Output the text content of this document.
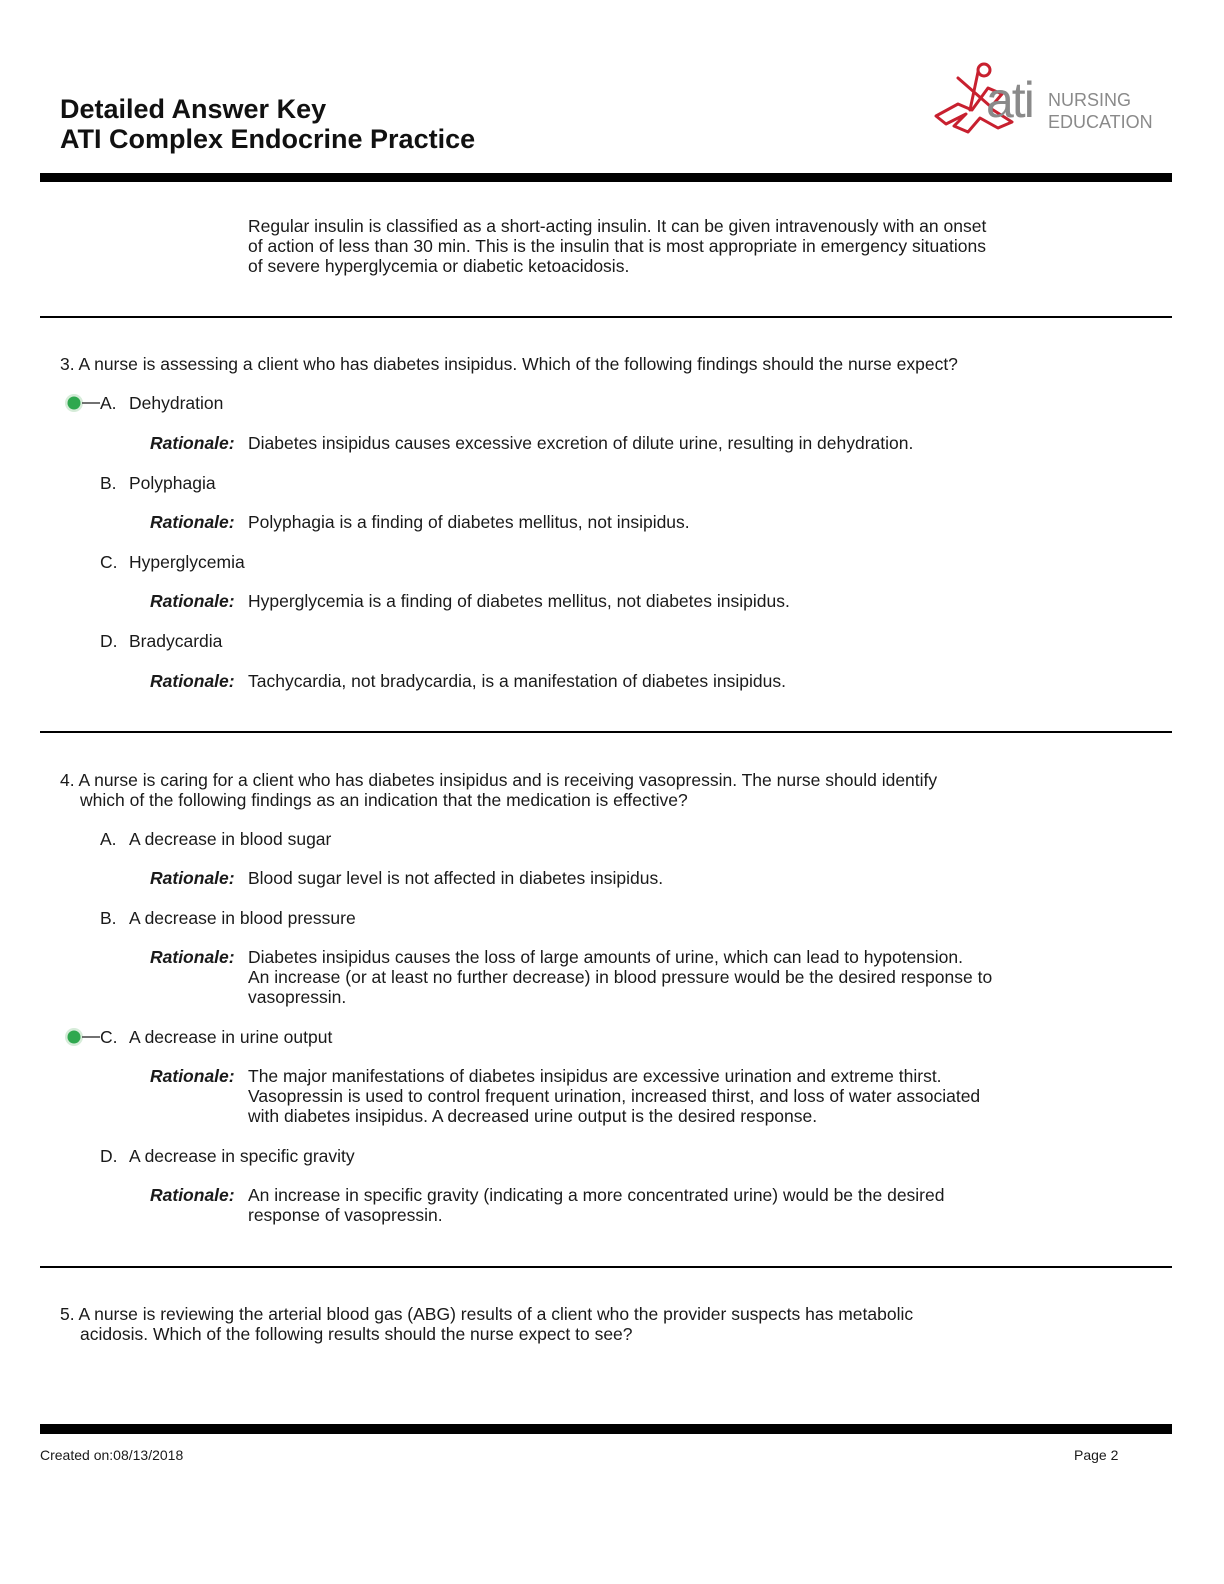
Detailed Answer Key
ATI Complex Endocrine Practice
ati NURSING
EDUCATION
Regular insulin is classified as a short-acting insulin. It can be given intravenously with an onset
of action of less than 30 min. This is the insulin that is most appropriate in emergency situations
of severe hyperglycemia or diabetic ketoacidosis.
3. A nurse is assessing a client who has diabetes insipidus. Which of the following findings should the nurse expect?
A. Dehydration
Rationale: Diabetes insipidus causes excessive excretion of dilute urine, resulting in dehydration.
B. Polyphagia
Rationale: Polyphagia is a finding of diabetes mellitus, not insipidus.
C. Hyperglycemia
Rationale: Hyperglycemia is a finding of diabetes mellitus, not diabetes insipidus.
D. Bradycardia
Rationale: Tachycardia, not bradycardia, is a manifestation of diabetes insipidus.
4. A nurse is caring for a client who has diabetes insipidus and is receiving vasopressin. The nurse should identify
which of the following findings as an indication that the medication is effective?
A. A decrease in blood sugar
Rationale: Blood sugar level is not affected in diabetes insipidus.
B. A decrease in blood pressure
Rationale: Diabetes insipidus causes the loss of large amounts of urine, which can lead to hypotension.
An increase (or at least no further decrease) in blood pressure would be the desired response to
vasopressin.
C. A decrease in urine output
Rationale: The major manifestations of diabetes insipidus are excessive urination and extreme thirst.
Vasopressin is used to control frequent urination, increased thirst, and loss of water associated
with diabetes insipidus. A decreased urine output is the desired response.
D. A decrease in specific gravity
Rationale: An increase in specific gravity (indicating a more concentrated urine) would be the desired
response of vasopressin.
5. A nurse is reviewing the arterial blood gas (ABG) results of a client who the provider suspects has metabolic
acidosis. Which of the following results should the nurse expect to see?
Created on:08/13/2018	Page 2
